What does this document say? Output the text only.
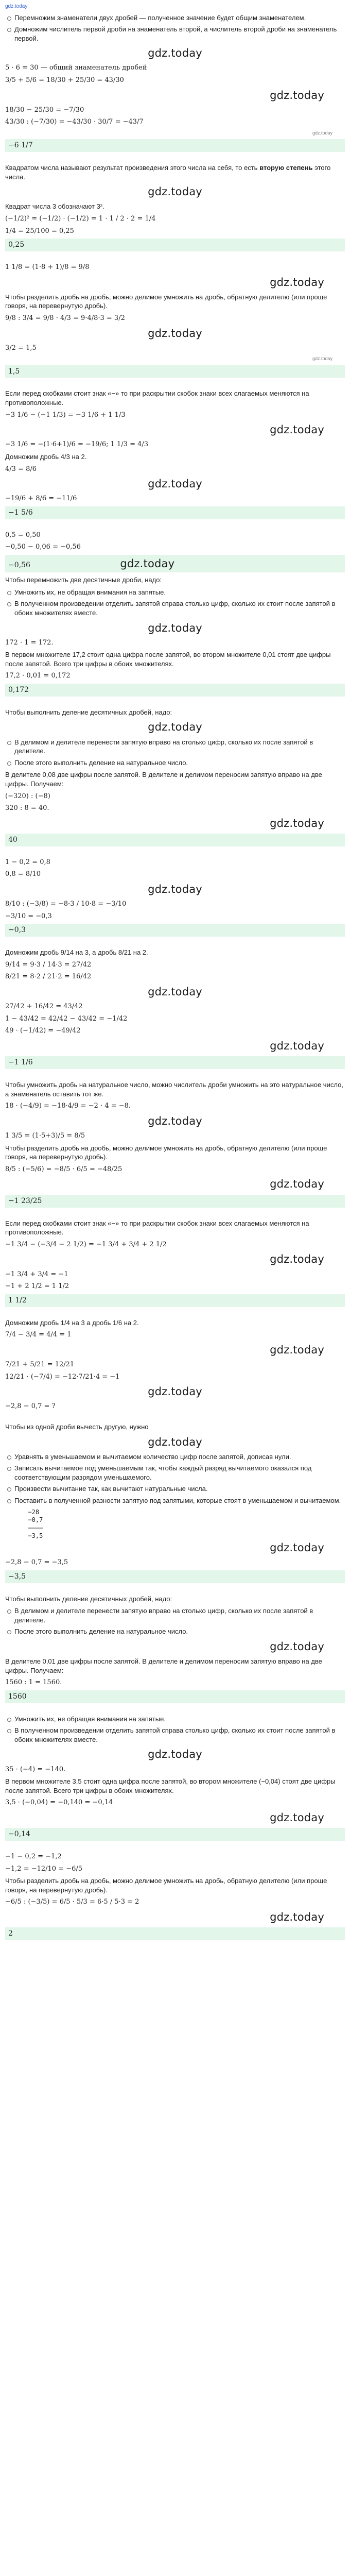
gdz.today
Перемножим знаменатели двух дробей — полученное значение будет общим знаменателем.
Домножим числитель первой дроби на знаменатель второй, а числитель второй дроби на знаменатель первой.
gdz.today
5 · 6 = 30 — общий знаменатель дробей
3/5 + 5/6 = 18/30 + 25/30 = 43/30
gdz.today
18/30 − 25/30 = −7/30
43/30 : (−7/30) = −43/30 · 30/7 = −43/7
gdz.today
−6 1/7
Квадратом числа называют результат произведения этого числа на себя, то есть вторую степень этого числа.
gdz.today
Квадрат числа 3 обозначают 3².
(−1/2)² = (−1/2) · (−1/2) = 1 · 1 / 2 · 2 = 1/4
1/4 = 25/100 = 0,25
0,25
1 1/8 = (1·8 + 1)/8 = 9/8
gdz.today
Чтобы разделить дробь на дробь, можно делимое умножить на дробь, обратную делителю (или проще говоря, на перевернутую дробь).
9/8 : 3/4 = 9/8 · 4/3 = 9·4/8·3 = 3/2
gdz.today
3/2 = 1,5
gdz.today
1,5
Если перед скобками стоит знак «−» то при раскрытии скобок знаки всех слагаемых меняются на противоположные.
−3 1/6 − (−1 1/3) = −3 1/6 + 1 1/3
gdz.today
−3 1/6 = −(1·6+1)/6 = −19/6; 1 1/3 = 4/3
Домножим дробь 4/3 на 2.
4/3 = 8/6
gdz.today
−19/6 + 8/6 = −11/6
−1 5/6
0,5 = 0,50
−0,50 − 0,06 = −0,56
−0,56	gdz.today
Чтобы перемножить две десятичные дроби, надо:
Умножить их, не обращая внимания на запятые.
В полученном произведении отделить запятой справа столько цифр, сколько их стоит после запятой в обоих множителях вместе.
gdz.today
172 · 1 = 172.
В первом множителе 17,2 стоит одна цифра после запятой, во втором множителе 0,01 стоят две цифры после запятой. Всего три цифры в обоих множителях.
17,2 · 0,01 = 0,172
0,172
Чтобы выполнить деление десятичных дробей, надо:
gdz.today
В делимом и делителе перенести запятую вправо на столько цифр, сколько их после запятой в делителе.
После этого выполнить деление на натуральное число.
В делителе 0,08 две цифры после запятой. В делителе и делимом переносим запятую вправо на две цифры. Получаем:
(−320) : (−8)
320 : 8 = 40.
gdz.today
40
1 − 0,2 = 0,8
0,8 = 8/10
gdz.today
8/10 : (−3/8) = −8·3 / 10·8 = −3/10
−3/10 = −0,3
−0,3
Домножим дробь 9/14 на 3, а дробь 8/21 на 2.
9/14 = 9·3 / 14·3 = 27/42
8/21 = 8·2 / 21·2 = 16/42
gdz.today
27/42 + 16/42 = 43/42
1 − 43/42 = 42/42 − 43/42 = −1/42
49 · (−1/42) = −49/42
gdz.today
−1 1/6
Чтобы умножить дробь на натуральное число, можно числитель дроби умножить на это натуральное число, а знаменатель оставить тот же.
18 · (−4/9) = −18·4/9 = −2 · 4 = −8.
gdz.today
1 3/5 = (1·5+3)/5 = 8/5
Чтобы разделить дробь на дробь, можно делимое умножить на дробь, обратную делителю (или проще говоря, на перевернутую дробь).
8/5 : (−5/6) = −8/5 · 6/5 = −48/25
gdz.today
−1 23/25
Если перед скобками стоит знак «−» то при раскрытии скобок знаки всех слагаемых меняются на противоположные.
−1 3/4 − (−3/4 − 2 1/2) = −1 3/4 + 3/4 + 2 1/2
gdz.today
−1 3/4 + 3/4 = −1
−1 + 2 1/2 = 1 1/2
1 1/2
Домножим дробь 1/4 на 3 а дробь 1/6 на 2.
7/4 − 3/4 = 4/4 = 1
gdz.today
7/21 + 5/21 = 12/21
12/21 · (−7/4) = −12·7/21·4 = −1
gdz.today
−2,8 − 0,7 = ?
Чтобы из одной дроби вычесть другую, нужно
gdz.today
Уравнять в уменьшаемом и вычитаемом количество цифр после запятой, дописав нули.
Записать вычитаемое под уменьшаемым так, чтобы каждый разряд вычитаемого оказался под соответствующим разрядом уменьшаемого.
Произвести вычитание так, как вычитают натуральные числа.
Поставить в полученной разности запятую под запятыми, которые стоят в уменьшаемом и вычитаемом.
−28
−0,7
────
−3,5
gdz.today
−2,8 − 0,7 = −3,5
−3,5
Чтобы выполнить деление десятичных дробей, надо:
В делимом и делителе перенести запятую вправо на столько цифр, сколько их после запятой в делителе.
После этого выполнить деление на натуральное число.
gdz.today
В делителе 0,01 две цифры после запятой. В делителе и делимом переносим запятую вправо на две цифры. Получаем:
1560 : 1 = 1560.
1560
Умножить их, не обращая внимания на запятые.
В полученном произведении отделить запятой справа столько цифр, сколько их стоит после запятой в обоих множителях вместе.
gdz.today
35 · (−4) = −140.
В первом множителе 3,5 стоит одна цифра после запятой, во втором множителе (−0,04) стоят две цифры после запятой. Всего три цифры в обоих множителях.
3,5 · (−0,04) = −0,140 = −0,14
gdz.today
−0,14
−1 − 0,2 = −1,2
−1,2 = −12/10 = −6/5
Чтобы разделить дробь на дробь, можно делимое умножить на дробь, обратную делителю (или проще говоря, на перевернутую дробь).
−6/5 : (−3/5) = 6/5 · 5/3 = 6·5 / 5·3 = 2
gdz.today
2
